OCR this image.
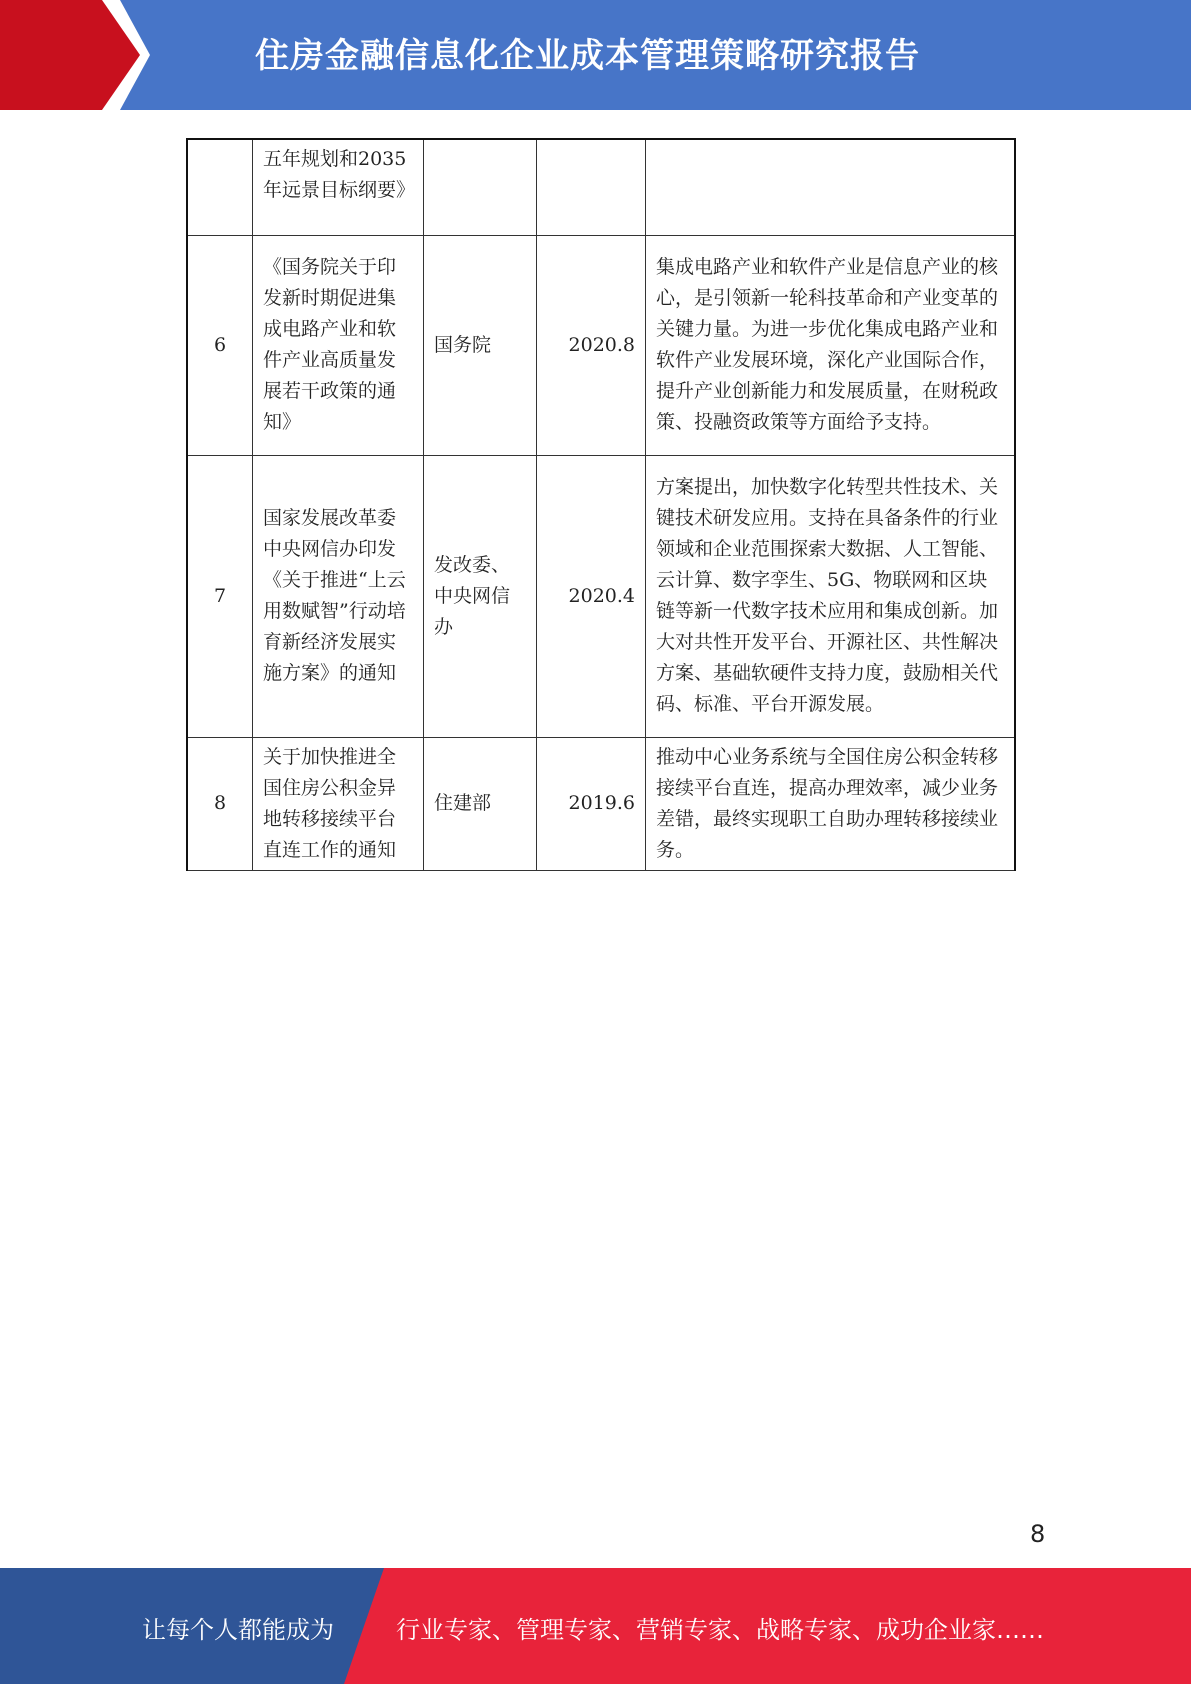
住房金融信息化企业成本管理策略研究报告
	五年规划和2035年远景目标纲要》			
6	《国务院关于印发新时期促进集成电路产业和软件产业高质量发展若干政策的通知》	国务院	2020.8	集成电路产业和软件产业是信息产业的核心，是引领新一轮科技革命和产业变革的关键力量。为进一步优化集成电路产业和软件产业发展环境，深化产业国际合作，提升产业创新能力和发展质量，在财税政策、投融资政策等方面给予支持。
7	国家发展改革委中央网信办印发《关于推进“上云用数赋智”行动培育新经济发展实施方案》的通知	发改委、中央网信办	2020.4	方案提出，加快数字化转型共性技术、关键技术研发应用。支持在具备条件的行业领域和企业范围探索大数据、人工智能、云计算、数字孪生、5G、物联网和区块链等新一代数字技术应用和集成创新。加大对共性开发平台、开源社区、共性解决方案、基础软硬件支持力度，鼓励相关代码、标准、平台开源发展。
8	关于加快推进全国住房公积金异地转移接续平台直连工作的通知	住建部	2019.6	推动中心业务系统与全国住房公积金转移接续平台直连，提高办理效率，减少业务差错，最终实现职工自助办理转移接续业务。
8
让每个人都能成为	行业专家、管理专家、营销专家、战略专家、成功企业家……
